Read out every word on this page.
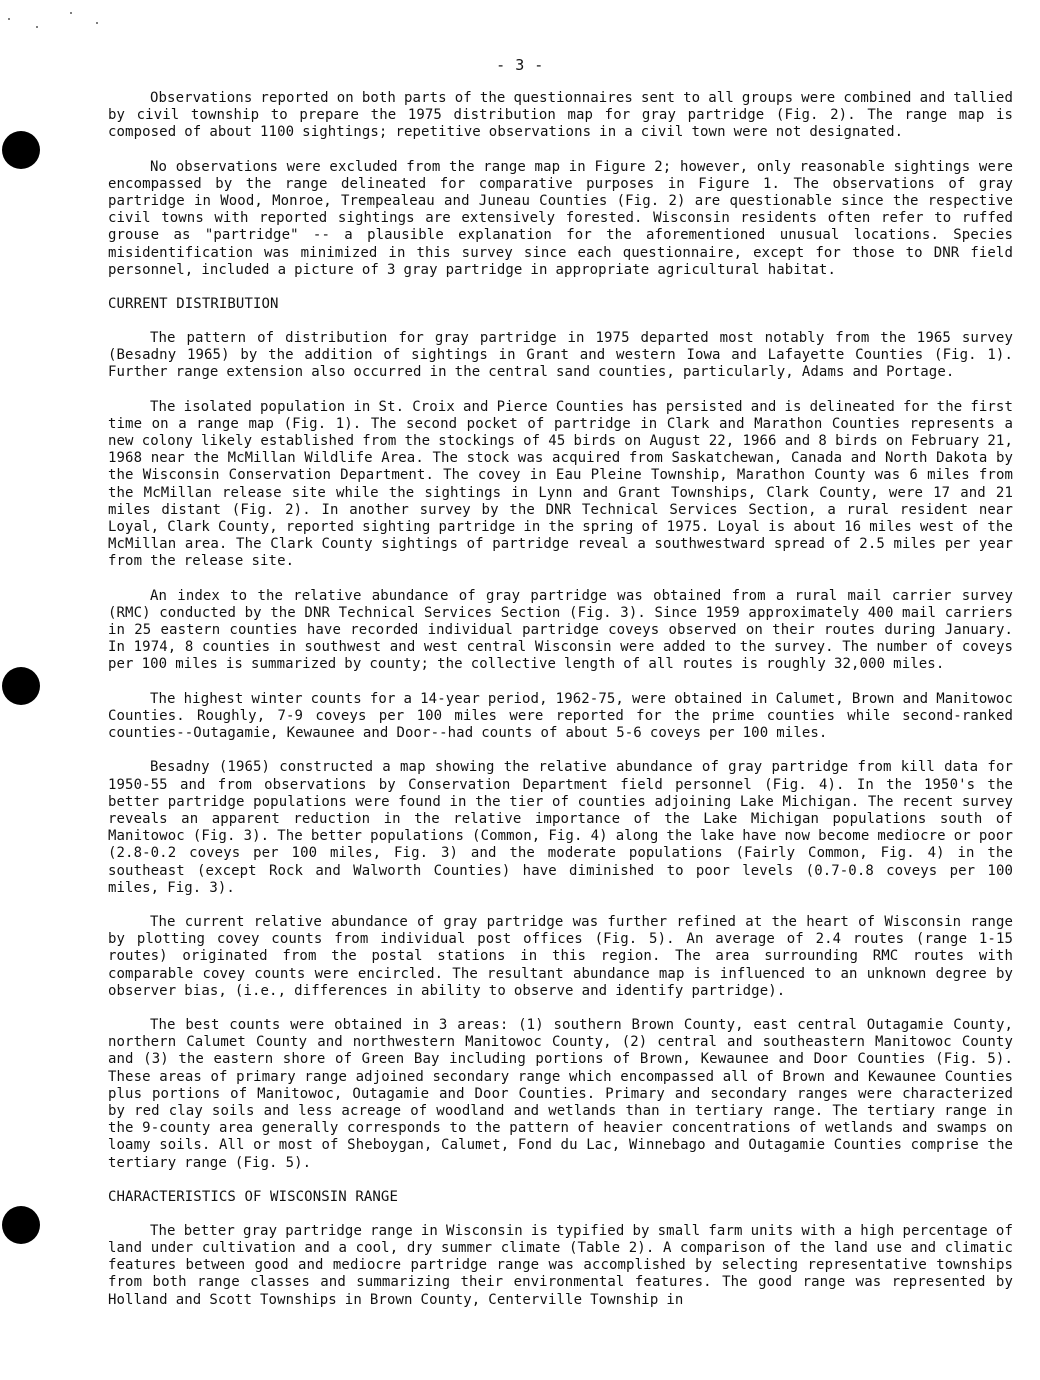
- 3 -

Observations reported on both parts of the questionnaires sent to all groups were combined and tallied by civil township to prepare the 1975 distribution map for gray partridge (Fig. 2). The range map is composed of about 1100 sightings; repetitive observations in a civil town were not designated.

No observations were excluded from the range map in Figure 2; however, only reasonable sightings were encompassed by the range delineated for comparative purposes in Figure 1. The observations of gray partridge in Wood, Monroe, Trempealeau and Juneau Counties (Fig. 2) are questionable since the respective civil towns with reported sightings are extensively forested. Wisconsin residents often refer to ruffed grouse as "partridge" -- a plausible explanation for the aforementioned unusual locations. Species misidentification was minimized in this survey since each questionnaire, except for those to DNR field personnel, included a picture of 3 gray partridge in appropriate agricultural habitat.

CURRENT DISTRIBUTION

The pattern of distribution for gray partridge in 1975 departed most notably from the 1965 survey (Besadny 1965) by the addition of sightings in Grant and western Iowa and Lafayette Counties (Fig. 1). Further range extension also occurred in the central sand counties, particularly, Adams and Portage.

The isolated population in St. Croix and Pierce Counties has persisted and is delineated for the first time on a range map (Fig. 1). The second pocket of partridge in Clark and Marathon Counties represents a new colony likely established from the stockings of 45 birds on August 22, 1966 and 8 birds on February 21, 1968 near the McMillan Wildlife Area. The stock was acquired from Saskatchewan, Canada and North Dakota by the Wisconsin Conservation Department. The covey in Eau Pleine Township, Marathon County was 6 miles from the McMillan release site while the sightings in Lynn and Grant Townships, Clark County, were 17 and 21 miles distant (Fig. 2). In another survey by the DNR Technical Services Section, a rural resident near Loyal, Clark County, reported sighting partridge in the spring of 1975. Loyal is about 16 miles west of the McMillan area. The Clark County sightings of partridge reveal a southwestward spread of 2.5 miles per year from the release site.

An index to the relative abundance of gray partridge was obtained from a rural mail carrier survey (RMC) conducted by the DNR Technical Services Section (Fig. 3). Since 1959 approximately 400 mail carriers in 25 eastern counties have recorded individual partridge coveys observed on their routes during January. In 1974, 8 counties in southwest and west central Wisconsin were added to the survey. The number of coveys per 100 miles is summarized by county; the collective length of all routes is roughly 32,000 miles.

The highest winter counts for a 14-year period, 1962-75, were obtained in Calumet, Brown and Manitowoc Counties. Roughly, 7-9 coveys per 100 miles were reported for the prime counties while second-ranked counties--Outagamie, Kewaunee and Door--had counts of about 5-6 coveys per 100 miles.

Besadny (1965) constructed a map showing the relative abundance of gray partridge from kill data for 1950-55 and from observations by Conservation Department field personnel (Fig. 4). In the 1950's the better partridge populations were found in the tier of counties adjoining Lake Michigan. The recent survey reveals an apparent reduction in the relative importance of the Lake Michigan populations south of Manitowoc (Fig. 3). The better populations (Common, Fig. 4) along the lake have now become mediocre or poor (2.8-0.2 coveys per 100 miles, Fig. 3) and the moderate populations (Fairly Common, Fig. 4) in the southeast (except Rock and Walworth Counties) have diminished to poor levels (0.7-0.8 coveys per 100 miles, Fig. 3).

The current relative abundance of gray partridge was further refined at the heart of Wisconsin range by plotting covey counts from individual post offices (Fig. 5). An average of 2.4 routes (range 1-15 routes) originated from the postal stations in this region. The area surrounding RMC routes with comparable covey counts were encircled. The resultant abundance map is influenced to an unknown degree by observer bias, (i.e., differences in ability to observe and identify partridge).

The best counts were obtained in 3 areas: (1) southern Brown County, east central Outagamie County, northern Calumet County and northwestern Manitowoc County, (2) central and southeastern Manitowoc County and (3) the eastern shore of Green Bay including portions of Brown, Kewaunee and Door Counties (Fig. 5). These areas of primary range adjoined secondary range which encompassed all of Brown and Kewaunee Counties plus portions of Manitowoc, Outagamie and Door Counties. Primary and secondary ranges were characterized by red clay soils and less acreage of woodland and wetlands than in tertiary range. The tertiary range in the 9-county area generally corresponds to the pattern of heavier concentrations of wetlands and swamps on loamy soils. All or most of Sheboygan, Calumet, Fond du Lac, Winnebago and Outagamie Counties comprise the tertiary range (Fig. 5).

CHARACTERISTICS OF WISCONSIN RANGE

The better gray partridge range in Wisconsin is typified by small farm units with a high percentage of land under cultivation and a cool, dry summer climate (Table 2). A comparison of the land use and climatic features between good and mediocre partridge range was accomplished by selecting representative townships from both range classes and summarizing their environmental features. The good range was represented by Holland and Scott Townships in Brown County, Centerville Township in
